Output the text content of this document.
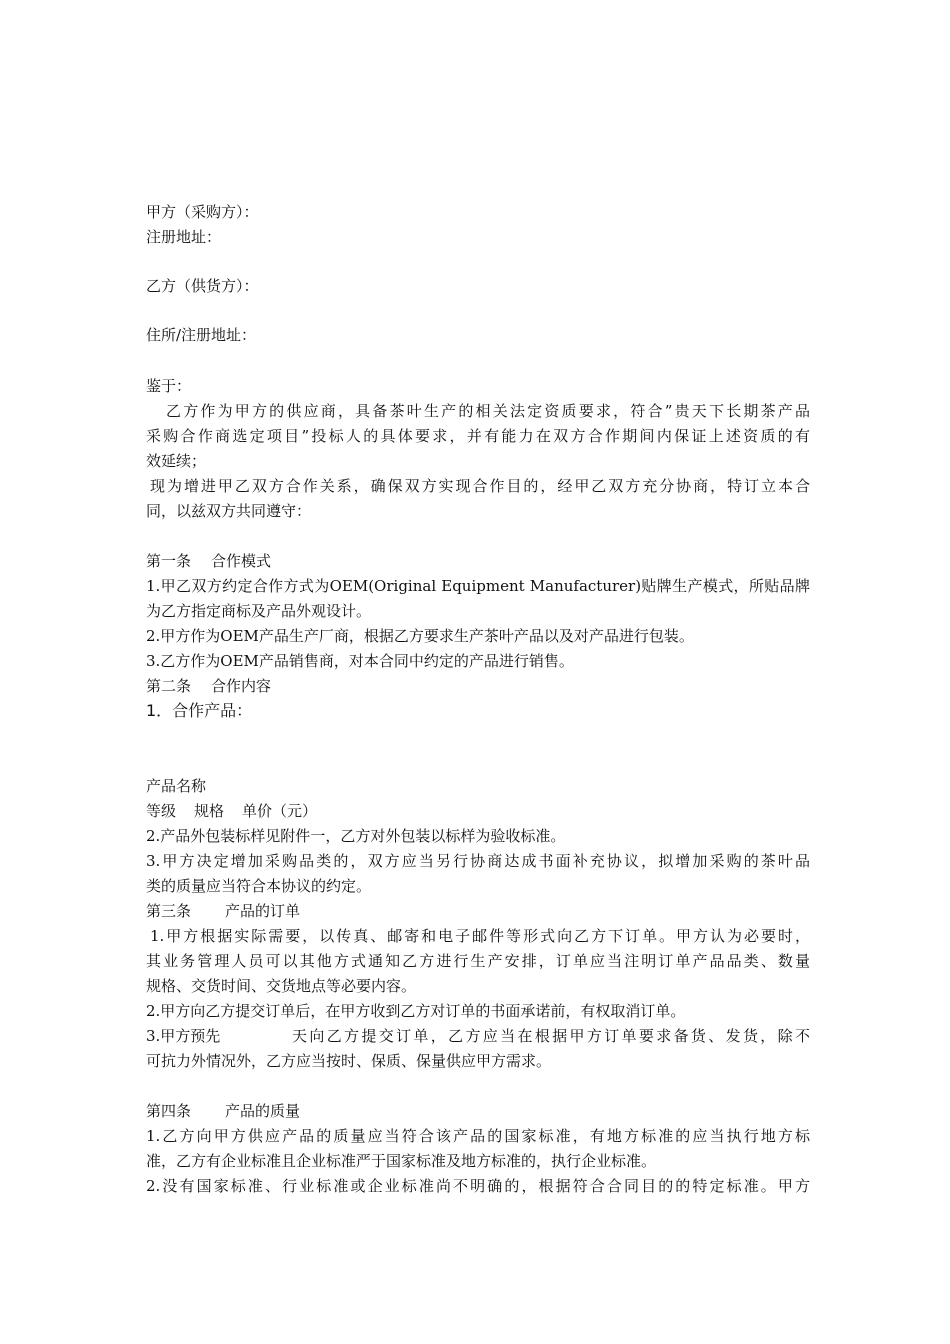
甲方（采购方）：
注册地址：
乙方（供货方）：
住所/注册地址：
鉴于：
乙方作为甲方的供应商，具备茶叶生产的相关法定资质要求，符合”贵天下长期茶产品
采购合作商选定项目”投标人的具体要求，并有能力在双方合作期间内保证上述资质的有
效延续；
现为增进甲乙双方合作关系，确保双方实现合作目的，经甲乙双方充分协商，特订立本合
同，以兹双方共同遵守：
第一条 合作模式
1.甲乙双方约定合作方式为OEM(Original Equipment Manufacturer)贴牌生产模式，所贴品牌
为乙方指定商标及产品外观设计。
2.甲方作为OEM产品生产厂商，根据乙方要求生产茶叶产品以及对产品进行包装。
3.乙方作为OEM产品销售商，对本合同中约定的产品进行销售。
第二条 合作内容
1．合作产品：
产品名称
等级 规格 单价（元）
2.产品外包装标样见附件一，乙方对外包装以标样为验收标准。
3.甲方决定增加采购品类的，双方应当另行协商达成书面补充协议，拟增加采购的茶叶品
类的质量应当符合本协议的约定。
第三条 产品的订单
1.甲方根据实际需要，以传真、邮寄和电子邮件等形式向乙方下订单。甲方认为必要时，
其业务管理人员可以其他方式通知乙方进行生产安排，订单应当注明订单产品品类、数量
规格、交货时间、交货地点等必要内容。
2.甲方向乙方提交订单后，在甲方收到乙方对订单的书面承诺前，有权取消订单。
3.甲方预先	天向乙方提交订单，乙方应当在根据甲方订单要求备货、发货，除不
可抗力外情况外，乙方应当按时、保质、保量供应甲方需求。
第四条 产品的质量
1.乙方向甲方供应产品的质量应当符合该产品的国家标准，有地方标准的应当执行地方标
准，乙方有企业标准且企业标准严于国家标准及地方标准的，执行企业标准。
2.没有国家标准、行业标准或企业标准尚不明确的，根据符合合同目的的特定标准。甲方
